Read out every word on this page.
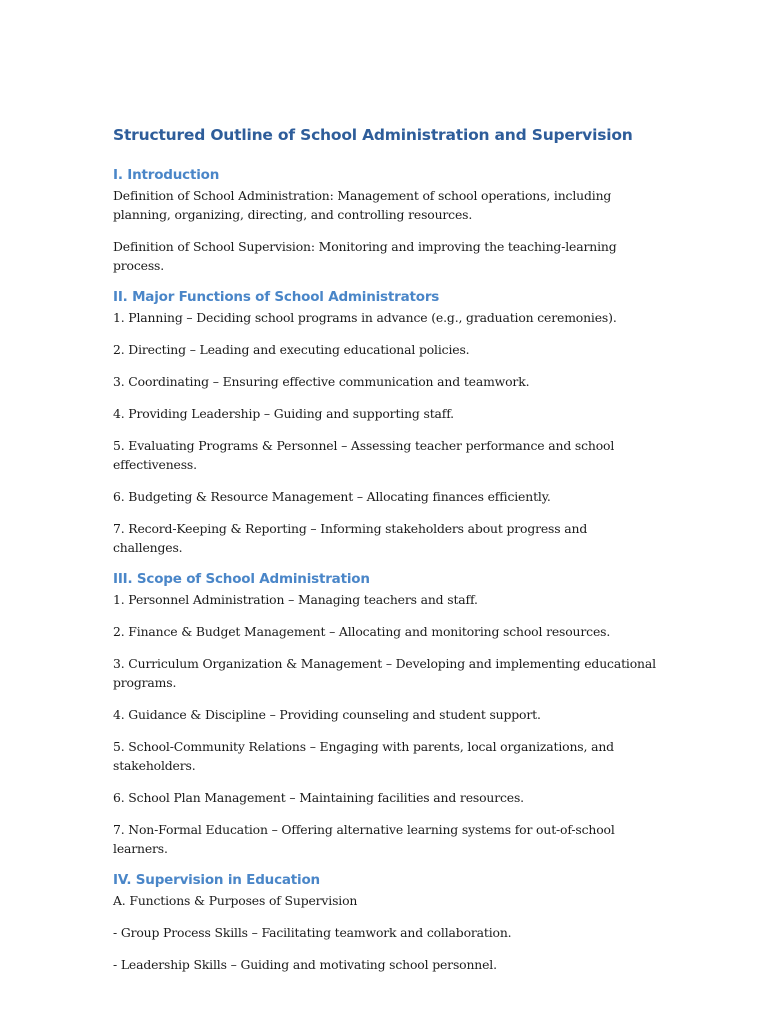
Structured Outline of School Administration and Supervision
I. Introduction

Definition of School Administration: Management of school operations, including planning, organizing, directing, and controlling resources.

Definition of School Supervision: Monitoring and improving the teaching-learning process.

II. Major Functions of School Administrators

1. Planning – Deciding school programs in advance (e.g., graduation ceremonies).

2. Directing – Leading and executing educational policies.

3. Coordinating – Ensuring effective communication and teamwork.

4. Providing Leadership – Guiding and supporting staff.

5. Evaluating Programs & Personnel – Assessing teacher performance and school effectiveness.

6. Budgeting & Resource Management – Allocating finances efficiently.

7. Record-Keeping & Reporting – Informing stakeholders about progress and challenges.

III. Scope of School Administration

1. Personnel Administration – Managing teachers and staff.

2. Finance & Budget Management – Allocating and monitoring school resources.

3. Curriculum Organization & Management – Developing and implementing educational programs.

4. Guidance & Discipline – Providing counseling and student support.

5. School-Community Relations – Engaging with parents, local organizations, and stakeholders.

6. School Plan Management – Maintaining facilities and resources.

7. Non-Formal Education – Offering alternative learning systems for out-of-school learners.

IV. Supervision in Education

A. Functions & Purposes of Supervision

- Group Process Skills – Facilitating teamwork and collaboration.

- Leadership Skills – Guiding and motivating school personnel.
